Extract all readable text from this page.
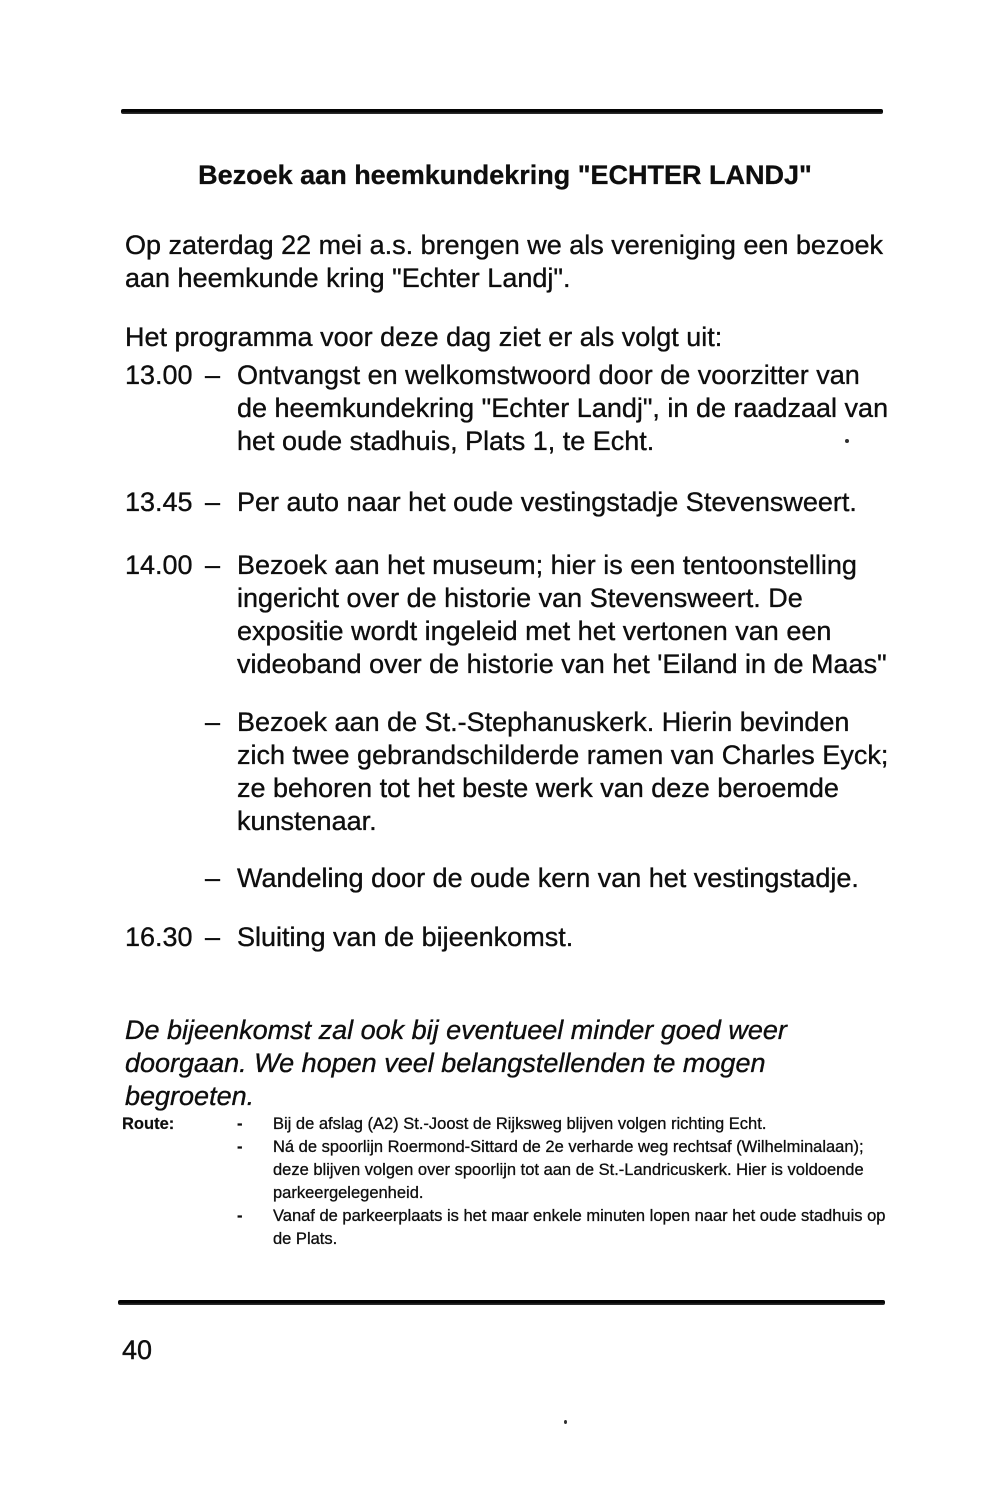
Bezoek aan heemkundekring "ECHTER LANDJ"

Op zaterdag 22 mei a.s. brengen we als vereniging een bezoek aan heemkunde kring "Echter Landj".

Het programma voor deze dag ziet er als volgt uit:

13.00 – Ontvangst en welkomstwoord door de voorzitter van de heemkundekring "Echter Landj", in de raadzaal van het oude stadhuis, Plats 1, te Echt.
13.45 – Per auto naar het oude vestingstadje Stevensweert.
14.00 – Bezoek aan het museum; hier is een tentoonstelling ingericht over de historie van Stevensweert. De expositie wordt ingeleid met het vertonen van een videoband over de historie van het 'Eiland in de Maas"
– Bezoek aan de St.-Stephanuskerk. Hierin bevinden zich twee gebrandschilderde ramen van Charles Eyck; ze behoren tot het beste werk van deze beroemde kunstenaar.
– Wandeling door de oude kern van het vestingstadje.
16.30 – Sluiting van de bijeenkomst.

De bijeenkomst zal ook bij eventueel minder goed weer doorgaan. We hopen veel belangstellenden te mogen begroeten.

Route:	-	Bij de afslag (A2) St.-Joost de Rijksweg blijven volgen richting Echt.
-	Ná de spoorlijn Roermond-Sittard de 2e verharde weg rechtsaf (Wilhelminalaan); deze blijven volgen over spoorlijn tot aan de St.-Landricuskerk. Hier is voldoende parkeergelegenheid.
-	Vanaf de parkeerplaats is het maar enkele minuten lopen naar het oude stadhuis op de Plats.
40
